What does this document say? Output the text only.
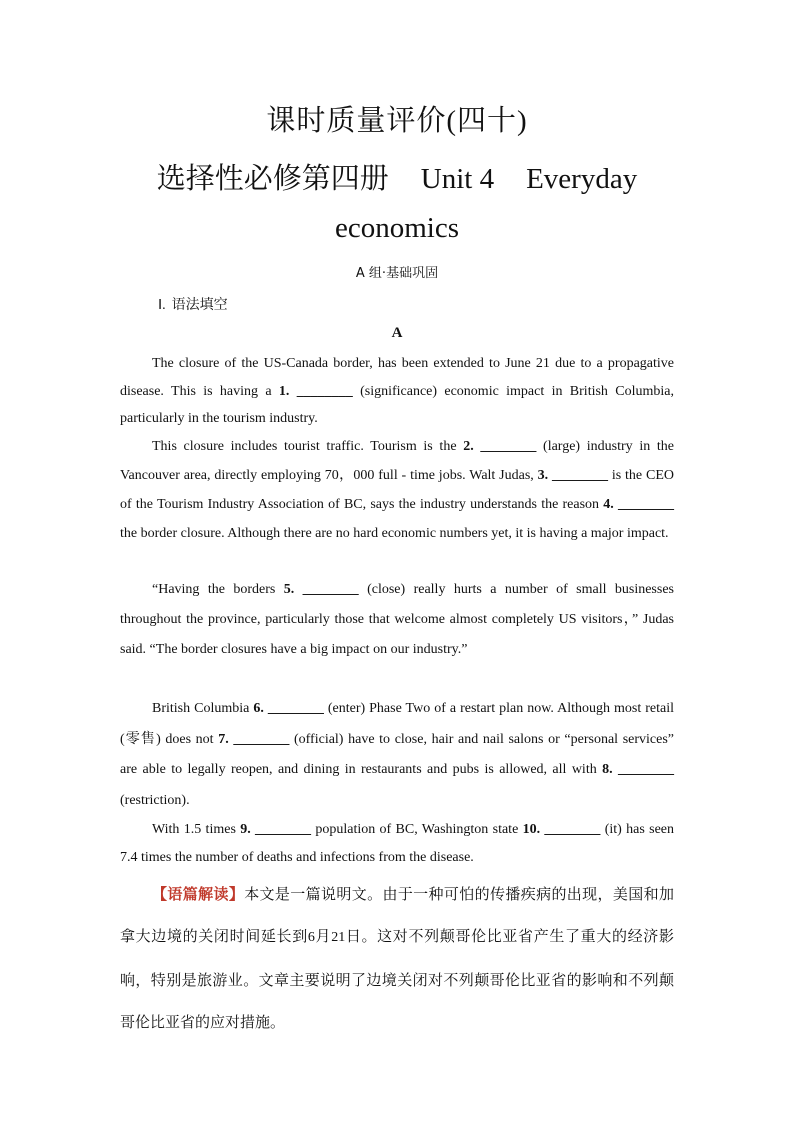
课时质量评价(四十)
选择性必修第四册 Unit 4 Everyday
economics
A 组·基础巩固
Ⅰ. 语法填空
A

The closure of the US-Canada border, has been extended to June 21 due to a propagative disease. This is having a 1. ________ (significance) economic impact in British Columbia, particularly in the tourism industry.

This closure includes tourist traffic. Tourism is the 2. ________ (large) industry in the Vancouver area, directly employing 70，000 full - time jobs. Walt Judas, 3. ________ is the CEO of the Tourism Industry Association of BC, says the industry understands the reason 4. ________ the border closure. Although there are no hard economic numbers yet, it is having a major impact.

“Having the borders 5. ________ (close) really hurts a number of small businesses throughout the province, particularly those that welcome almost completely US visitors，” Judas said. “The border closures have a big impact on our industry.”

British Columbia 6. ________ (enter) Phase Two of a restart plan now. Although most retail (零售) does not 7. ________ (official) have to close, hair and nail salons or “personal services” are able to legally reopen, and dining in restaurants and pubs is allowed, all with 8. ________ (restriction).

With 1.5 times 9. ________ population of BC, Washington state 10. ________ (it) has seen 7.4 times the number of deaths and infections from the disease.

【语篇解读】本文是一篇说明文。由于一种可怕的传播疾病的出现，美国和加拿大边境的关闭时间延长到6月21日。这对不列颠哥伦比亚省产生了重大的经济影响，特别是旅游业。文章主要说明了边境关闭对不列颠哥伦比亚省的影响和不列颠哥伦比亚省的应对措施。
